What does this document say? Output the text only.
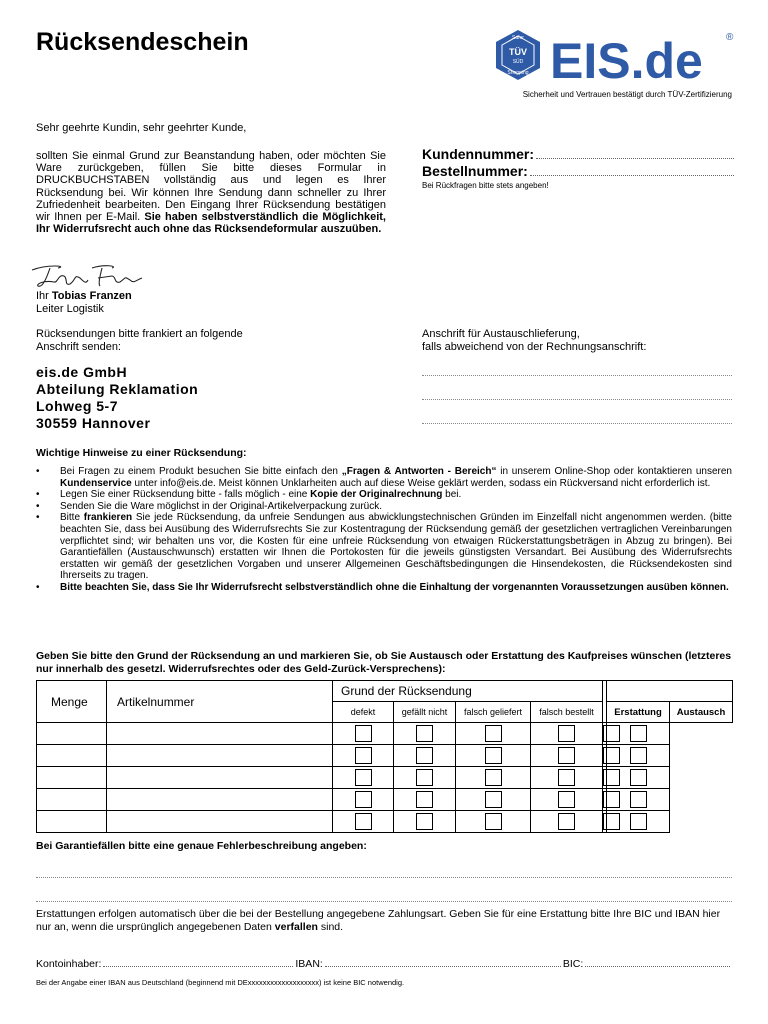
Rücksendeschein	Safer
TÜV
SÜD
Shopping EIS.de ®
Sicherheit und Vertrauen bestätigt durch TÜV-Zertifizierung
Sehr geehrte Kundin, sehr geehrter Kunde,
sollten Sie einmal Grund zur Beanstandung haben, oder möchten Sie Ware zurückgeben, füllen Sie bitte dieses Formular in DRUCKBUCHSTABEN vollständig aus und legen es Ihrer Rücksendung bei. Wir können Ihre Sendung dann schneller zu Ihrer Zufriedenheit bearbeiten. Den Eingang Ihrer Rücksendung bestätigen wir Ihnen per E-Mail. Sie haben selbstverständlich die Möglichkeit, Ihr Widerrufsrecht auch ohne das Rücksendeformular auszuüben.
Ihr Tobias Franzen
Leiter Logistik
Kundennummer:
Bestellnummer:
Bei Rückfragen bitte stets angeben!
Rücksendungen bitte frankiert an folgende
Anschrift senden:
eis.de GmbH
Abteilung Reklamation
Lohweg 5-7
30559 Hannover
Anschrift für Austauschlieferung,
falls abweichend von der Rechnungsanschrift:
Wichtige Hinweise zu einer Rücksendung:
• Bei Fragen zu einem Produkt besuchen Sie bitte einfach den „Fragen & Antworten - Bereich“ in unserem Online-Shop oder kontaktieren unseren Kundenservice unter info@eis.de. Meist können Unklarheiten auch auf diese Weise geklärt werden, sodass ein Rückversand nicht erforderlich ist.
• Legen Sie einer Rücksendung bitte - falls möglich - eine Kopie der Originalrechnung bei.
• Senden Sie die Ware möglichst in der Original-Artikelverpackung zurück.
• Bitte frankieren Sie jede Rücksendung, da unfreie Sendungen aus abwicklungstechnischen Gründen im Einzelfall nicht angenommen werden. (bitte beachten Sie, dass bei Ausübung des Widerrufsrechts Sie zur Kostentragung der Rücksendung gemäß der gesetzlichen vertraglichen Vereinbarungen verpflichtet sind; wir behalten uns vor, die Kosten für eine unfreie Rücksendung von etwaigen Rückerstattungsbeträgen in Abzug zu bringen). Bei Garantiefällen (Austauschwunsch) erstatten wir Ihnen die Portokosten für die jeweils günstigsten Versandart. Bei Ausübung des Widerrufsrechts erstatten wir gemäß der gesetzlichen Vorgaben und unserer Allgemeinen Geschäftsbedingungen die Hinsendekosten, die Rücksendekosten sind Ihrerseits zu tragen.
• Bitte beachten Sie, dass Sie Ihr Widerrufsrecht selbstverständlich ohne die Einhaltung der vorgenannten Voraussetzungen ausüben können.
Geben Sie bitte den Grund der Rücksendung an und markieren Sie, ob Sie Austausch oder Erstattung des Kaufpreises wünschen (letzteres nur innerhalb des gesetzl. Widerrufsrechtes oder des Geld-Zurück-Versprechens):
Menge	Artikelnummer	Grund der Rücksendung						
		defekt	gefällt nicht	falsch geliefert	falsch bestellt		Erstattung	Austausch

Bei Garantiefällen bitte eine genaue Fehlerbeschreibung angeben:
Erstattungen erfolgen automatisch über die bei der Bestellung angegebene Zahlungsart. Geben Sie für eine Erstattung bitte Ihre BIC und IBAN hier nur an, wenn die ursprünglich angegebenen Daten verfallen sind.
Kontoinhaber:	IBAN:	BIC:
Bei der Angabe einer IBAN aus Deutschland (beginnend mit DExxxxxxxxxxxxxxxxxxx) ist keine BIC notwendig.
